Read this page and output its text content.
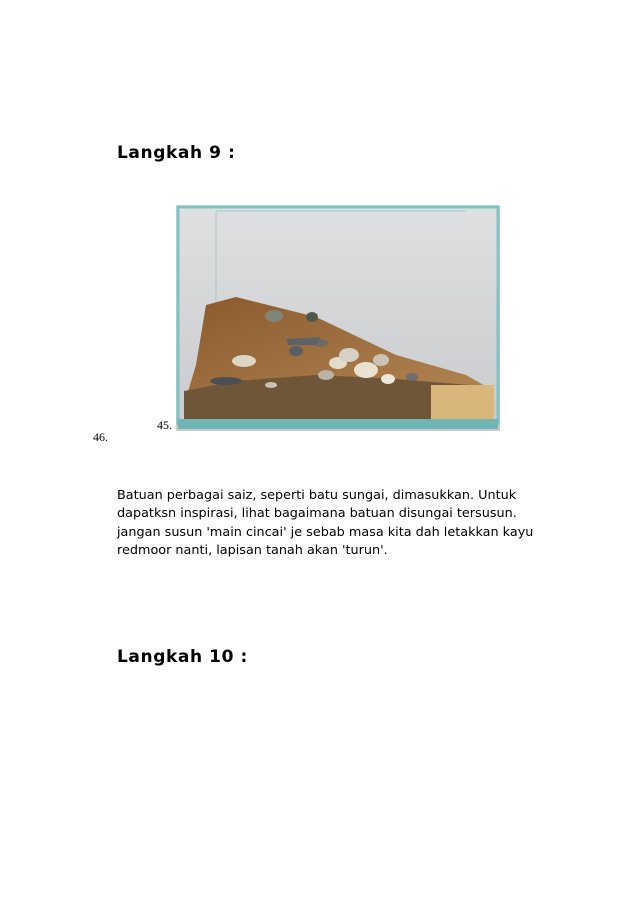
Langkah 9 :
45.
46.

Batuan perbagai saiz, seperti batu sungai, dimasukkan. Untuk
dapatksn inspirasi, lihat bagaimana batuan disungai tersusun.
jangan susun 'main cincai' je sebab masa kita dah letakkan kayu
redmoor nanti, lapisan tanah akan 'turun'.

Langkah 10 :
